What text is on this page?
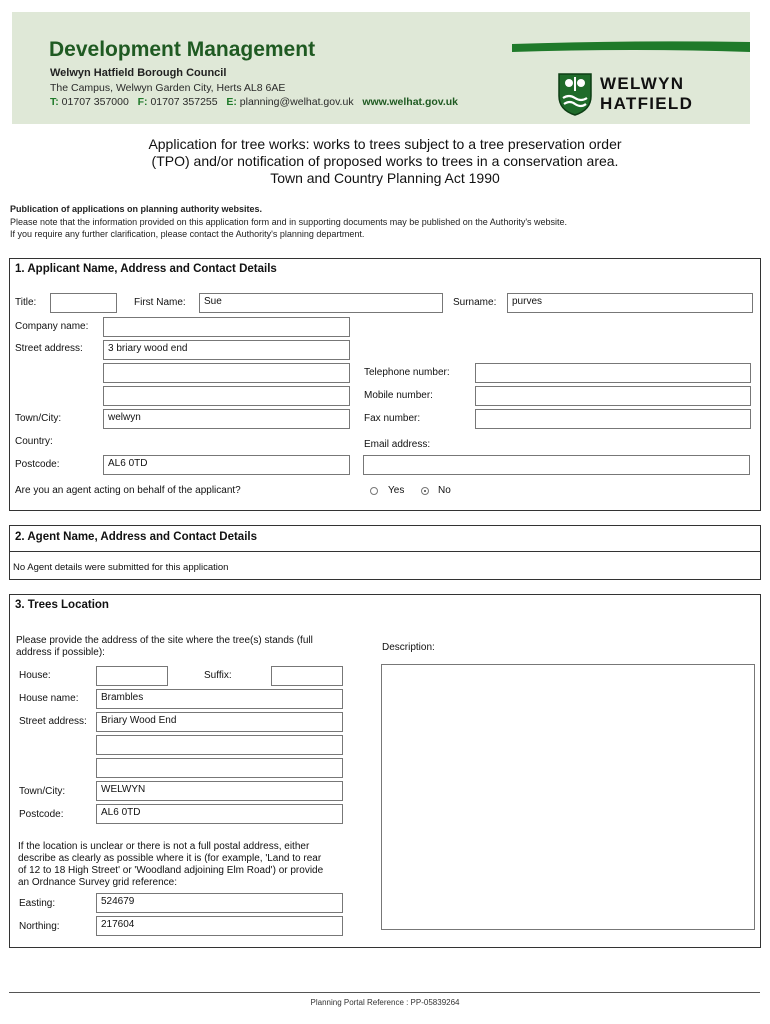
Development Management
Welwyn Hatfield Borough Council
The Campus, Welwyn Garden City, Herts AL8 6AE
T: 01707 357000 F: 01707 357255 E: planning@welhat.gov.uk www.welhat.gov.uk
WELWYN
HATFIELD
Application for tree works: works to trees subject to a tree preservation order
(TPO) and/or notification of proposed works to trees in a conservation area.
Town and Country Planning Act 1990
Publication of applications on planning authority websites.
Please note that the information provided on this application form and in supporting documents may be published on the Authority's website.
If you require any further clarification, please contact the Authority's planning department.
1. Applicant Name, Address and Contact Details
Title:	First Name:	Sue	Surname:	purves
Company name:
Street address:	3 briary wood end
Telephone number:
Mobile number:
Town/City:	welwyn	Fax number:
Country:	Email address:
Postcode:	AL6 0TD
Are you an agent acting on behalf of the applicant?	Yes	No
2. Agent Name, Address and Contact Details
No Agent details were submitted for this application
3. Trees Location
Please provide the address of the site where the tree(s) stands (full
address if possible):	Description:
House:	Suffix:
House name:	Brambles
Street address:	Briary Wood End
Town/City:	WELWYN
Postcode:	AL6 0TD
If the location is unclear or there is not a full postal address, either
describe as clearly as possible where it is (for example, 'Land to rear
of 12 to 18 High Street' or 'Woodland adjoining Elm Road') or provide
an Ordnance Survey grid reference:
Easting:	524679
Northing:	217604
Planning Portal Reference : PP-05839264
